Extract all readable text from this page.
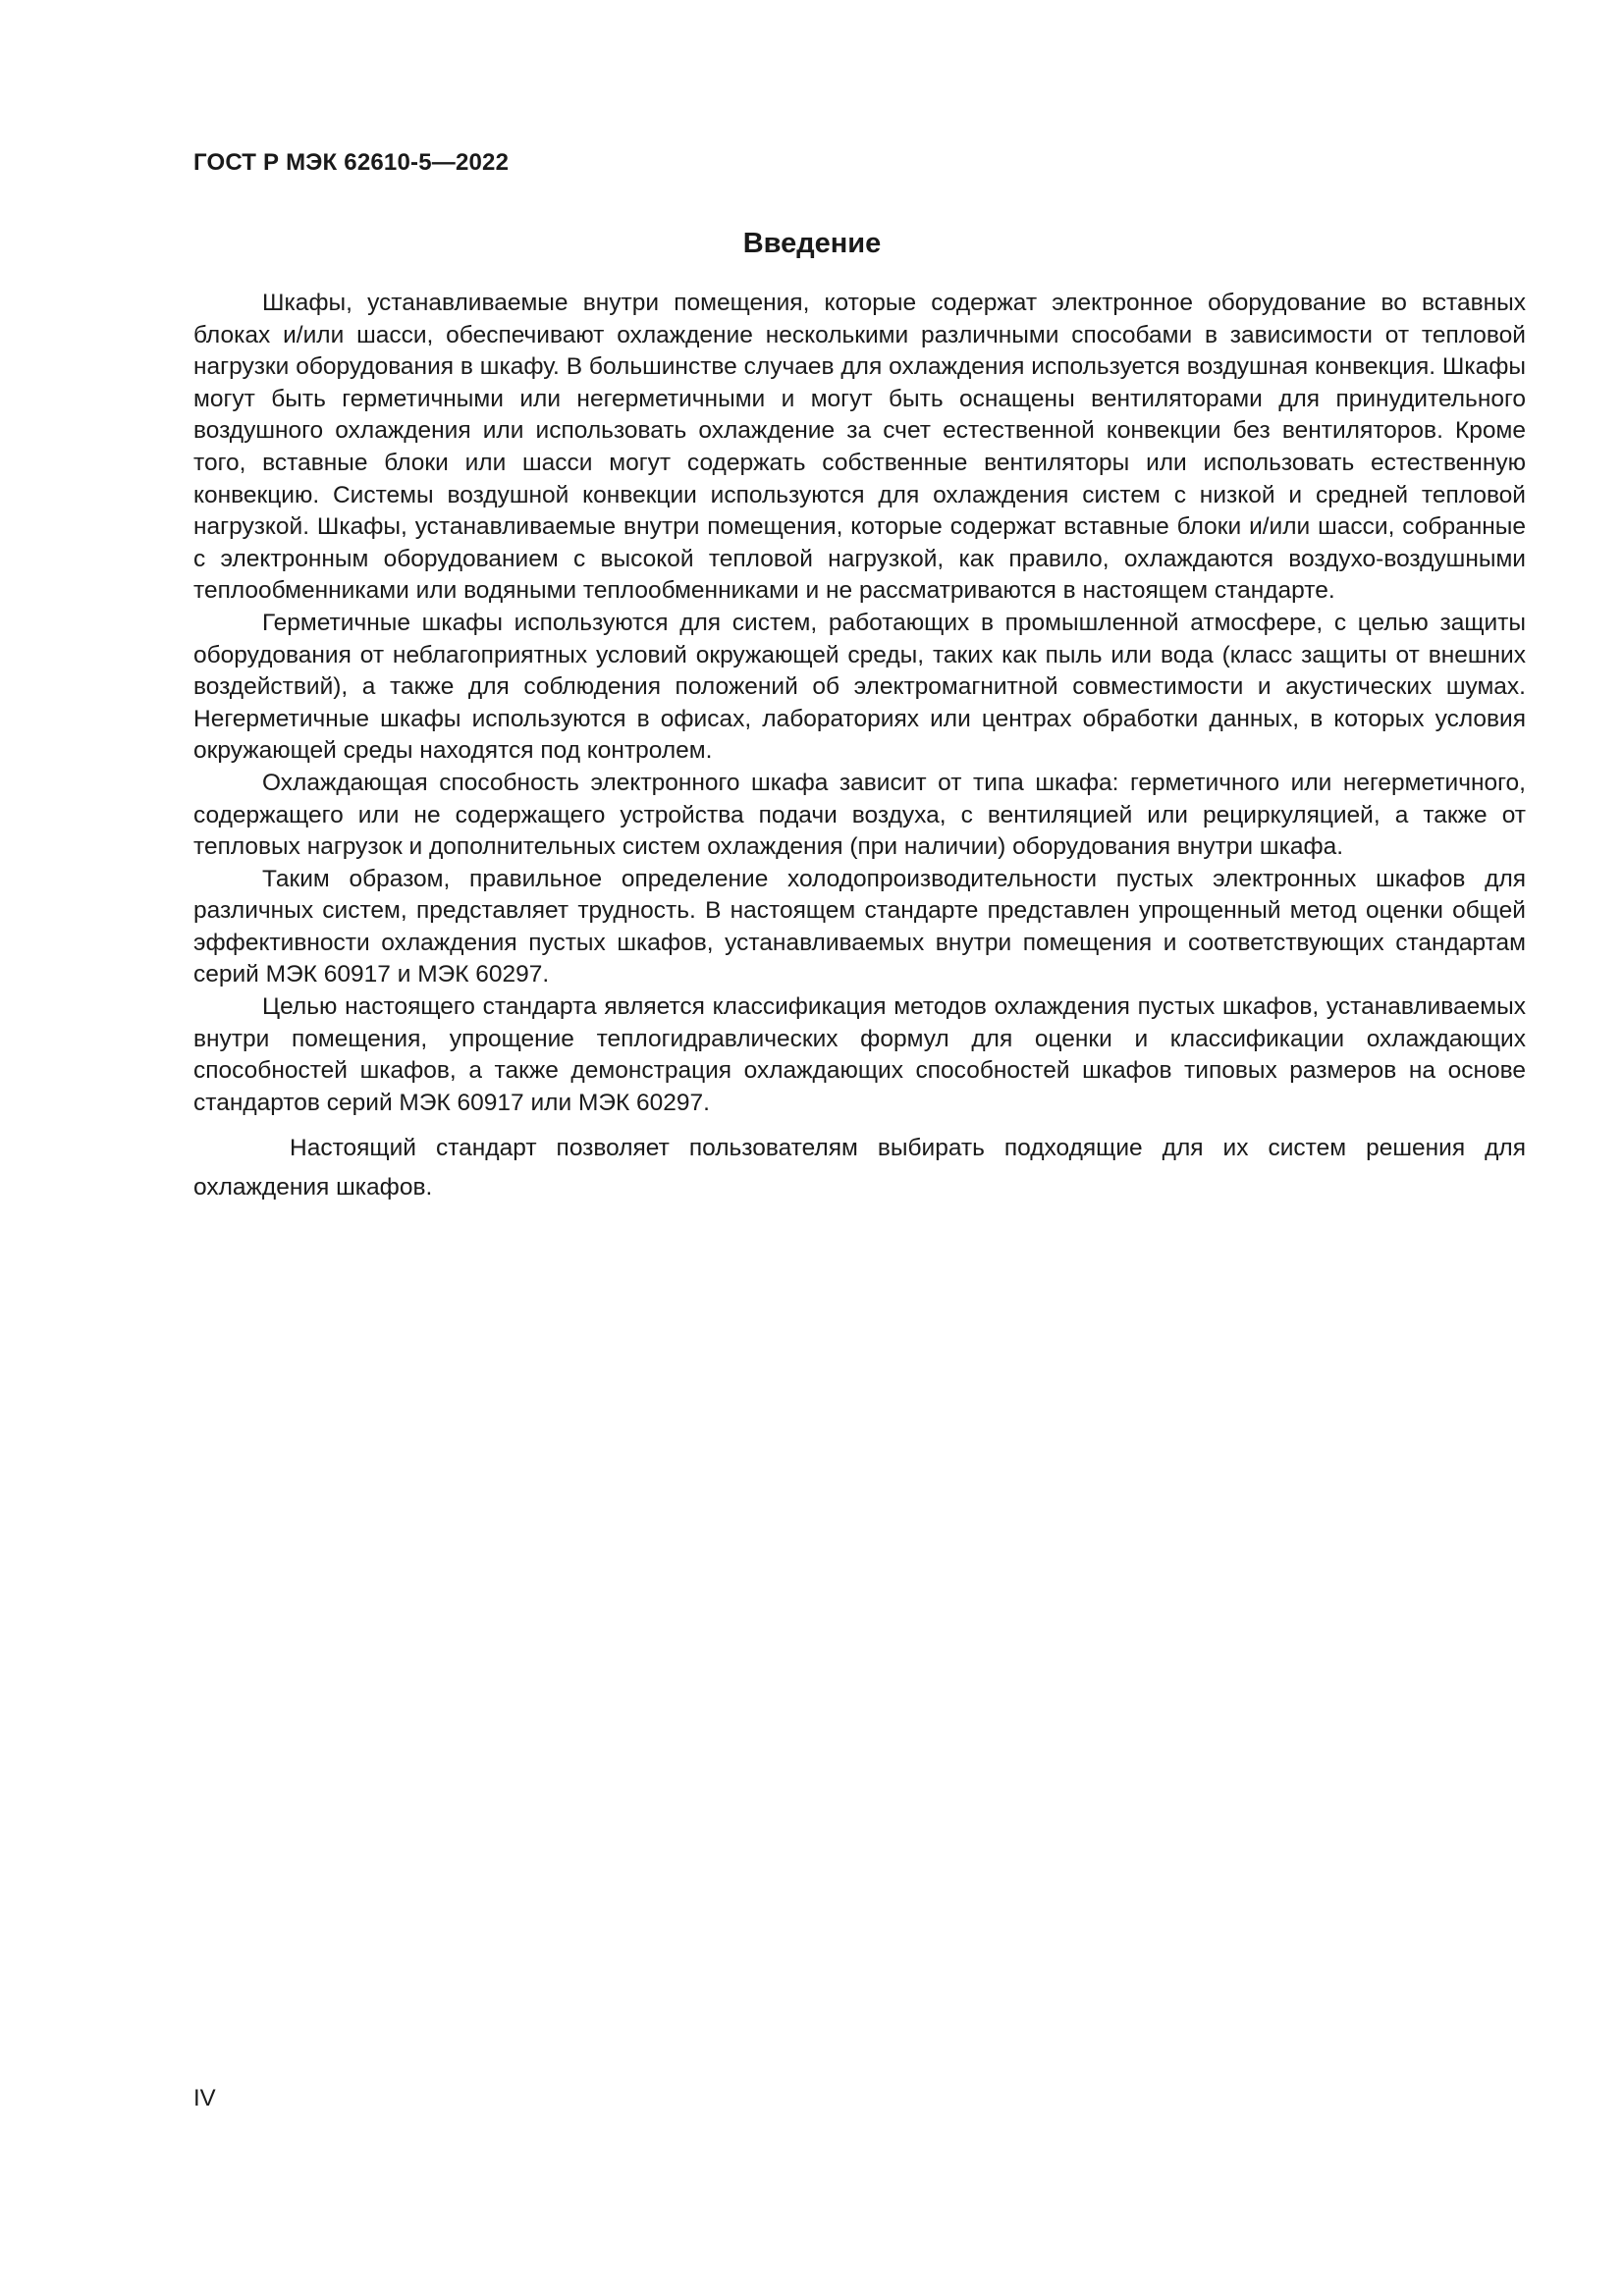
ГОСТ Р МЭК 62610-5—2022
Введение

Шкафы, устанавливаемые внутри помещения, которые содержат электронное оборудование во вставных блоках и/или шасси, обеспечивают охлаждение несколькими различными способами в зависимости от тепловой нагрузки оборудования в шкафу. В большинстве случаев для охлаждения используется воздушная конвекция. Шкафы могут быть герметичными или негерметичными и могут быть оснащены вентиляторами для принудительного воздушного охлаждения или использовать охлаждение за счет естественной конвекции без вентиляторов. Кроме того, вставные блоки или шасси могут содержать собственные вентиляторы или использовать естественную конвекцию. Системы воздушной конвекции используются для охлаждения систем с низкой и средней тепловой нагрузкой. Шкафы, устанавливаемые внутри помещения, которые содержат вставные блоки и/или шасси, собранные с электронным оборудованием с высокой тепловой нагрузкой, как правило, охлаждаются воздухо-воздушными теплообменниками или водяными теплообменниками и не рассматриваются в настоящем стандарте.

Герметичные шкафы используются для систем, работающих в промышленной атмосфере, с целью защиты оборудования от неблагоприятных условий окружающей среды, таких как пыль или вода (класс защиты от внешних воздействий), а также для соблюдения положений об электромагнитной совместимости и акустических шумах. Негерметичные шкафы используются в офисах, лабораториях или центрах обработки данных, в которых условия окружающей среды находятся под контролем.

Охлаждающая способность электронного шкафа зависит от типа шкафа: герметичного или негерметичного, содержащего или не содержащего устройства подачи воздуха, с вентиляцией или рециркуляцией, а также от тепловых нагрузок и дополнительных систем охлаждения (при наличии) оборудования внутри шкафа.

Таким образом, правильное определение холодопроизводительности пустых электронных шкафов для различных систем, представляет трудность. В настоящем стандарте представлен упрощенный метод оценки общей эффективности охлаждения пустых шкафов, устанавливаемых внутри помещения и соответствующих стандартам серий МЭК 60917 и МЭК 60297.

Целью настоящего стандарта является классификация методов охлаждения пустых шкафов, устанавливаемых внутри помещения, упрощение теплогидравлических формул для оценки и классификации охлаждающих способностей шкафов, а также демонстрация охлаждающих способностей шкафов типовых размеров на основе стандартов серий МЭК 60917 или МЭК 60297.

Настоящий стандарт позволяет пользователям выбирать подходящие для их систем решения для охлаждения шкафов.

IV
